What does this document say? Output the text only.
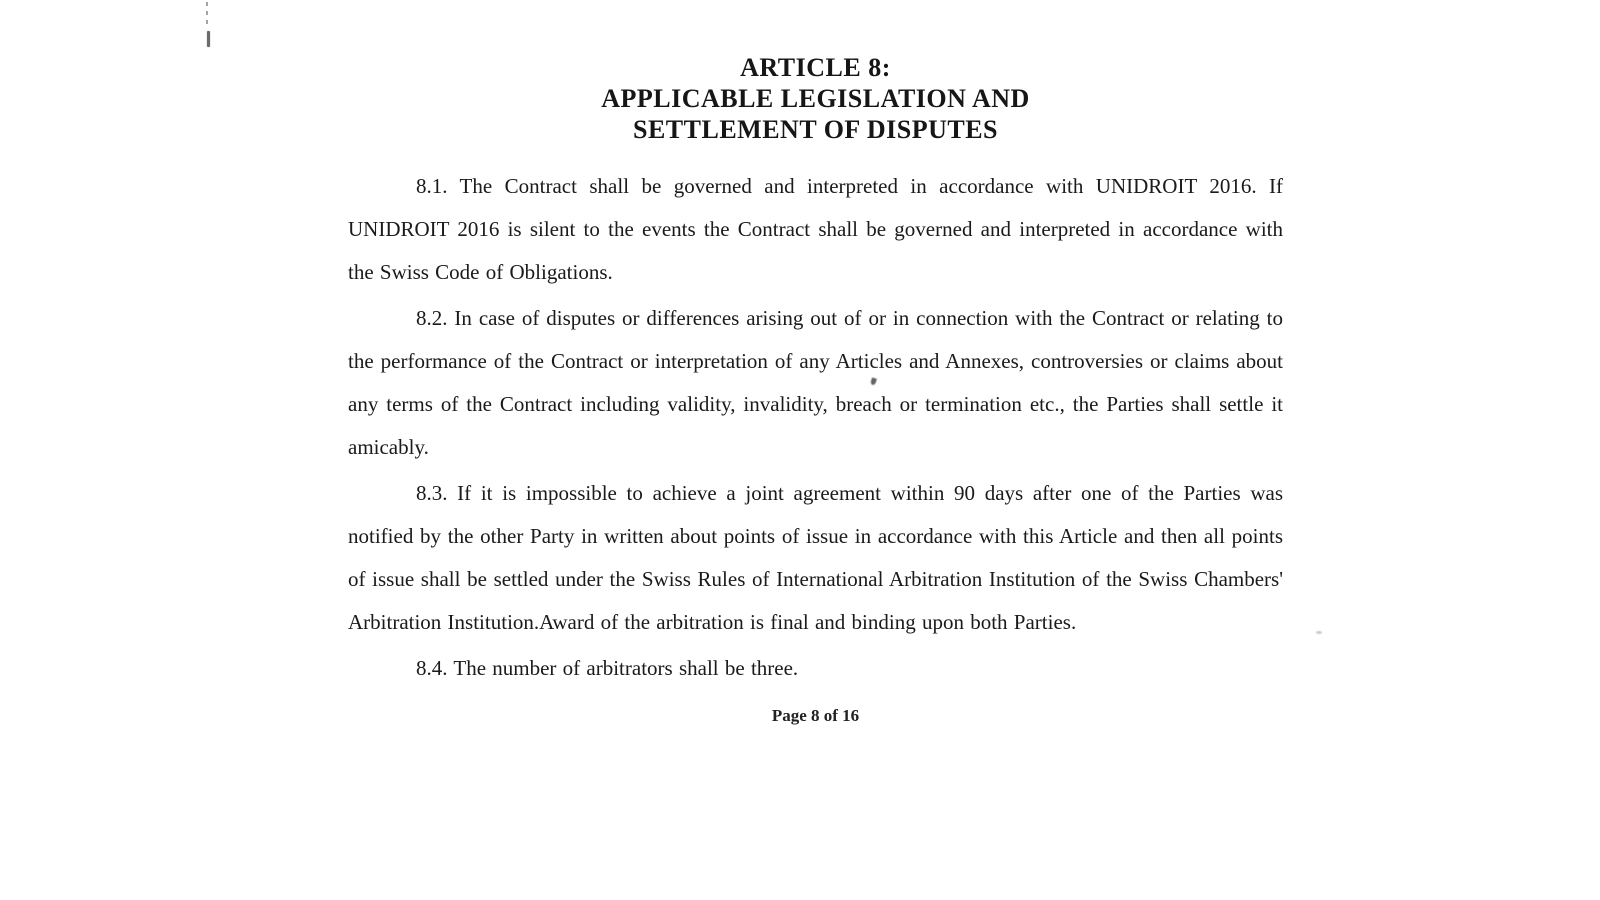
ARTICLE 8:
APPLICABLE LEGISLATION AND
SETTLEMENT OF DISPUTES

8.1. The Contract shall be governed and interpreted in accordance with UNIDROIT 2016. If UNIDROIT 2016 is silent to the events the Contract shall be governed and interpreted in accordance with the Swiss Code of Obligations.

8.2. In case of disputes or differences arising out of or in connection with the Contract or relating to the performance of the Contract or interpretation of any Articles and Annexes, controversies or claims about any terms of the Contract including validity, invalidity, breach or termination etc., the Parties shall settle it amicably.

8.3. If it is impossible to achieve a joint agreement within 90 days after one of the Parties was notified by the other Party in written about points of issue in accordance with this Article and then all points of issue shall be settled under the Swiss Rules of International Arbitration Institution of the Swiss Chambers' Arbitration Institution.Award of the arbitration is final and binding upon both Parties.

8.4. The number of arbitrators shall be three.

Page 8 of 16
